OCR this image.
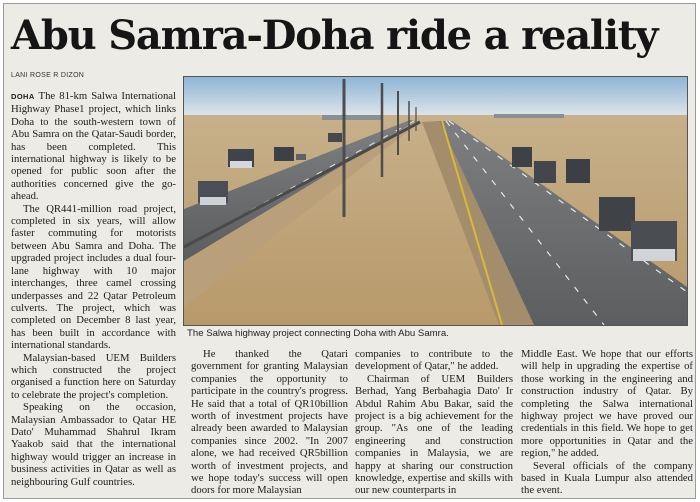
Abu Samra-Doha ride a reality
LANI ROSE R DIZON

DOHA The 81-km Salwa International Highway Phase1 project, which links Doha to the south-western town of Abu Samra on the Qatar-Saudi border, has been completed. This international highway is likely to be opened for public soon after the authorities concerned give the go-ahead.

The QR441-million road project, completed in six years, will allow faster commuting for motorists between Abu Samra and Doha. The upgraded project includes a dual four-lane highway with 10 major interchanges, three camel crossing underpasses and 22 Qatar Petroleum culverts. The project, which was completed on December 8 last year, has been built in accordance with international standards.

Malaysian-based UEM Builders which constructed the project organised a function here on Saturday to celebrate the project's completion.

Speaking on the occasion, Malaysian Ambassador to Qatar HE Dato' Muhammad Shahrul Ikram Yaakob said that the international highway would trigger an increase in business activities in Qatar as well as neighbouring Gulf countries.

The Salwa highway project connecting Doha with Abu Samra.

He thanked the Qatari government for granting Malaysian companies the opportunity to participate in the country's progress. He said that a total of QR10billion worth of investment projects have already been awarded to Malaysian companies since 2002. "In 2007 alone, we had received QR5billion worth of investment projects, and we hope today's success will open doors for more Malaysian

companies to contribute to the development of Qatar," he added.

Chairman of UEM Builders Berhad, Yang Berbahagia Dato' Ir Abdul Rahim Abu Bakar, said the project is a big achievement for the group. "As one of the leading engineering and construction companies in Malaysia, we are happy at sharing our construction knowledge, expertise and skills with our new counterparts in

Middle East. We hope that our efforts will help in upgrading the expertise of those working in the engineering and construction industry of Qatar. By completing the Salwa international highway project we have proved our credentials in this field. We hope to get more opportunities in Qatar and the region," he added.

Several officials of the company based in Kuala Lumpur also attended the event.
